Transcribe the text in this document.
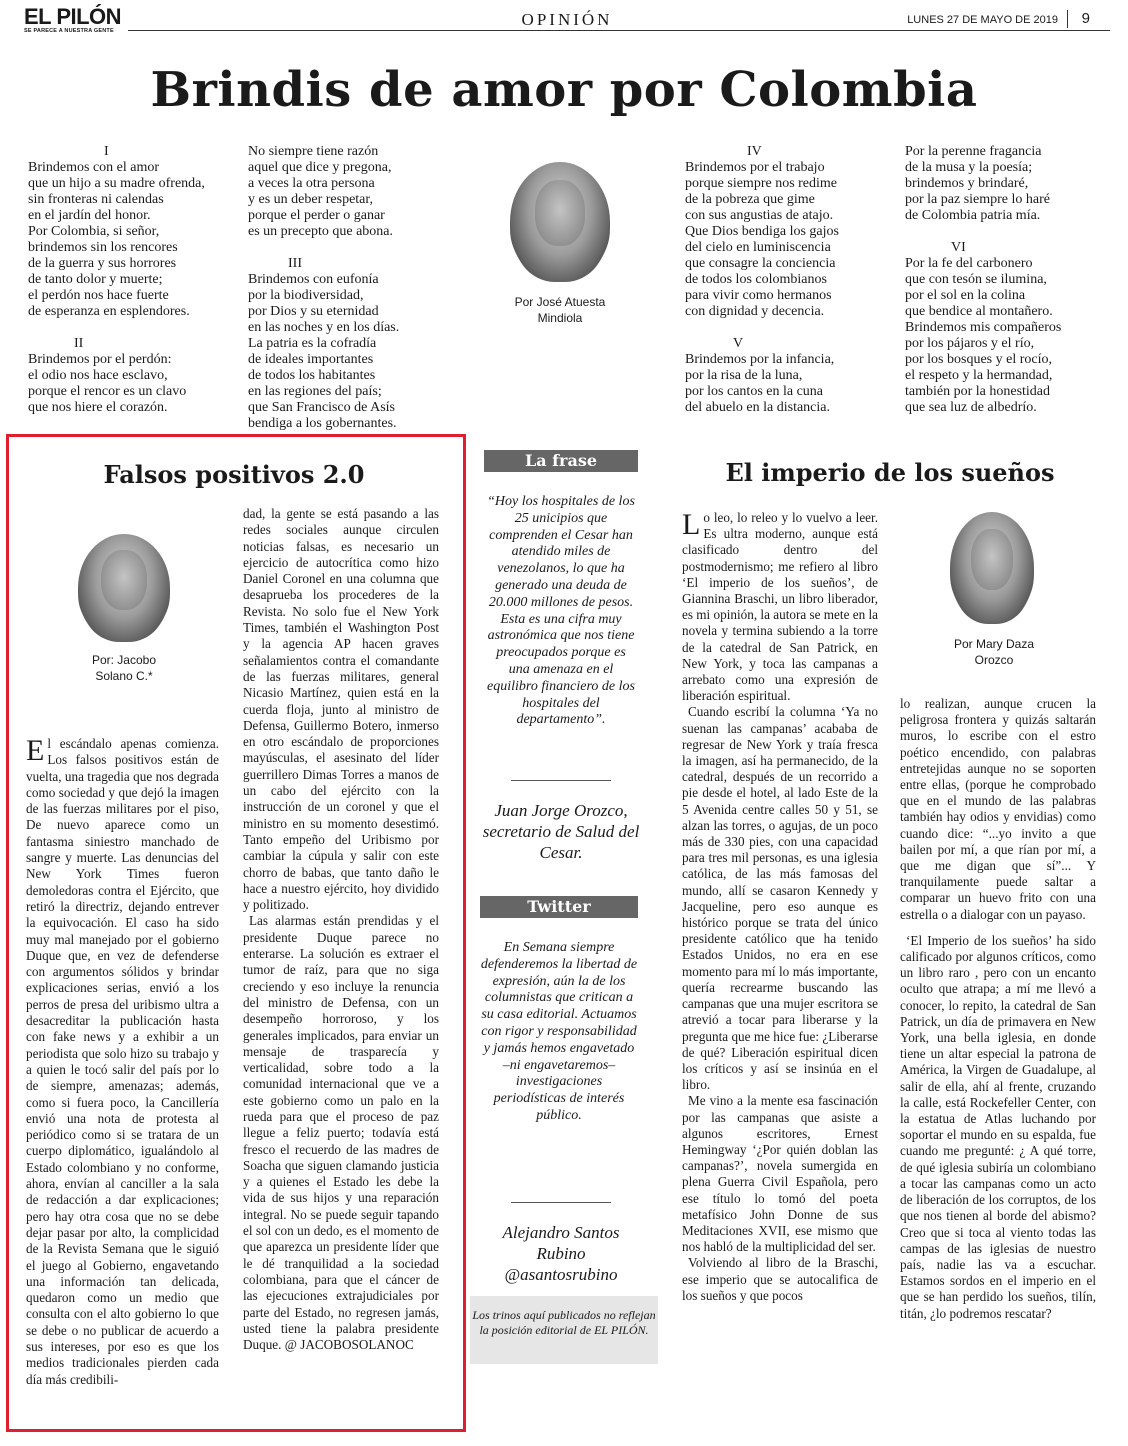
EL PILÓN
SE PARECE A NUESTRA GENTE
OPINIÓN	LUNES 27 DE MAYO DE 2019 9
Brindis de amor por Colombia
I
Brindemos con el amor
que un hijo a su madre ofrenda,
sin fronteras ni calendas
en el jardín del honor.
Por Colombia, si señor,
brindemos sin los rencores
de la guerra y sus horrores
de tanto dolor y muerte;
el perdón nos hace fuerte
de esperanza en esplendores.
II
Brindemos por el perdón:
el odio nos hace esclavo,
porque el rencor es un clavo
que nos hiere el corazón.
No siempre tiene razón
aquel que dice y pregona,
a veces la otra persona
y es un deber respetar,
porque el perder o ganar
es un precepto que abona.
III
Brindemos con eufonía
por la biodiversidad,
por Dios y su eternidad
en las noches y en los días.
La patria es la cofradía
de ideales importantes
de todos los habitantes
en las regiones del país;
que San Francisco de Asís
bendiga a los gobernantes.
Por José Atuesta
Mindiola
IV
Brindemos por el trabajo
porque siempre nos redime
de la pobreza que gime
con sus angustias de atajo.
Que Dios bendiga los gajos
del cielo en luminiscencia
que consagre la conciencia
de todos los colombianos
para vivir como hermanos
con dignidad y decencia.
V
Brindemos por la infancia,
por la risa de la luna,
por los cantos en la cuna
del abuelo en la distancia.
Por la perenne fragancia
de la musa y la poesía;
brindemos y brindaré,
por la paz siempre lo haré
de Colombia patria mía.
VI
Por la fe del carbonero
que con tesón se ilumina,
por el sol en la colina
que bendice al montañero.
Brindemos mis compañeros
por los pájaros y el río,
por los bosques y el rocío,
el respeto y la hermandad,
también por la honestidad
que sea luz de albedrío.
Falsos positivos 2.0
Por: Jacobo
Solano C.*

El escándalo apenas comienza. Los falsos positivos están de vuelta, una tragedia que nos degrada como sociedad y que dejó la imagen de las fuerzas militares por el piso, De nuevo aparece como un fantasma siniestro manchado de sangre y muerte. Las denuncias del New York Times fueron demoledoras contra el Ejército, que retiró la directriz, dejando entrever la equivocación. El caso ha sido muy mal manejado por el gobierno Duque que, en vez de defenderse con argumentos sólidos y brindar explicaciones serias, envió a los perros de presa del uribismo ultra a desacreditar la publicación hasta con fake news y a exhibir a un periodista que solo hizo su trabajo y a quien le tocó salir del país por lo de siempre, amenazas; además, como si fuera poco, la Cancillería envió una nota de protesta al periódico como si se tratara de un cuerpo diplomático, igualándolo al Estado colombiano y no conforme, ahora, envían al canciller a la sala de redacción a dar explicaciones; pero hay otra cosa que no se debe dejar pasar por alto, la complicidad de la Revista Semana que le siguió el juego al Gobierno, engavetando una información tan delicada, quedaron como un medio que consulta con el alto gobierno lo que se debe o no publicar de acuerdo a sus intereses, por eso es que los medios tradicionales pierden cada día más credibili-

dad, la gente se está pasando a las redes sociales aunque circulen noticias falsas, es necesario un ejercicio de autocrítica como hizo Daniel Coronel en una columna que desaprueba los procederes de la Revista. No solo fue el New York Times, también el Washington Post y la agencia AP hacen graves señalamientos contra el comandante de las fuerzas militares, general Nicasio Martínez, quien está en la cuerda floja, junto al ministro de Defensa, Guillermo Botero, inmerso en otro escándalo de proporciones mayúsculas, el asesinato del líder guerrillero Dimas Torres a manos de un cabo del ejército con la instrucción de un coronel y que el ministro en su momento desestimó. Tanto empeño del Uribismo por cambiar la cúpula y salir con este chorro de babas, que tanto daño le hace a nuestro ejército, hoy dividido y politizado.

Las alarmas están prendidas y el presidente Duque parece no enterarse. La solución es extraer el tumor de raíz, para que no siga creciendo y eso incluye la renuncia del ministro de Defensa, con un desempeño horroroso, y los generales implicados, para enviar un mensaje de trasparecía y verticalidad, sobre todo a la comunidad internacional que ve a este gobierno como un palo en la rueda para que el proceso de paz llegue a feliz puerto; todavía está fresco el recuerdo de las madres de Soacha que siguen clamando justicia y a quienes el Estado les debe la vida de sus hijos y una reparación integral. No se puede seguir tapando el sol con un dedo, es el momento de que aparezca un presidente líder que le dé tranquilidad a la sociedad colombiana, para que el cáncer de las ejecuciones extrajudiciales por parte del Estado, no regresen jamás, usted tiene la palabra presidente Duque. @ JACOBOSOLANOC

La frase
“Hoy los hospitales de los 25 unicipios que comprenden el Cesar han atendido miles de venezolanos, lo que ha generado una deuda de 20.000 millones de pesos. Esta es una cifra muy astronómica que nos tiene preocupados porque es una amenaza en el equilibro financiero de los hospitales del departamento”.
Juan Jorge Orozco, secretario de Salud del Cesar.
Twitter
En Semana siempre defenderemos la libertad de expresión, aún la de los columnistas que critican a su casa editorial. Actuamos con rigor y responsabilidad y jamás hemos engavetado –ni engavetaremos– investigaciones periodísticas de interés público.
Alejandro Santos Rubino @asantosrubino
Los trinos aquí publicados no reflejan la posición editorial de EL PILÓN.
El imperio de los sueños
Por Mary Daza
Orozco

Lo leo, lo releo y lo vuelvo a leer. Es ultra moderno, aunque está clasificado dentro del postmodernismo; me refiero al libro ‘El imperio de los sueños’, de Giannina Braschi, un libro liberador, es mi opinión, la autora se mete en la novela y termina subiendo a la torre de la catedral de San Patrick, en New York, y toca las campanas a arrebato como una expresión de liberación espiritual.

Cuando escribí la columna ‘Ya no suenan las campanas’ acababa de regresar de New York y traía fresca la imagen, así ha permanecido, de la catedral, después de un recorrido a pie desde el hotel, al lado Este de la 5 Avenida centre calles 50 y 51, se alzan las torres, o agujas, de un poco más de 330 pies, con una capacidad para tres mil personas, es una iglesia católica, de las más famosas del mundo, allí se casaron Kennedy y Jacqueline, pero eso aunque es histórico porque se trata del único presidente católico que ha tenido Estados Unidos, no era en ese momento para mí lo más importante, quería recrearme buscando las campanas que una mujer escritora se atrevió a tocar para liberarse y la pregunta que me hice fue: ¿Liberarse de qué? Liberación espiritual dicen los críticos y así se insinúa en el libro.

Me vino a la mente esa fascinación por las campanas que asiste a algunos escritores, Ernest Hemingway ‘¿Por quién doblan las campanas?’, novela sumergida en plena Guerra Civil Española, pero ese título lo tomó del poeta metafísico John Donne de sus Meditaciones XVII, ese mismo que nos habló de la multiplicidad del ser.

Volviendo al libro de la Braschi, ese imperio que se autocalifica de los sueños y que pocos

lo realizan, aunque crucen la peligrosa frontera y quizás saltarán muros, lo escribe con el estro poético encendido, con palabras entretejidas aunque no se soporten entre ellas, (porque he comprobado que en el mundo de las palabras también hay odios y envidias) como cuando dice: “...yo invito a que bailen por mí, a que rían por mí, a que me digan que sí”... Y tranquilamente puede saltar a comparar un huevo frito con una estrella o a dialogar con un payaso.

‘El Imperio de los sueños’ ha sido calificado por algunos críticos, como un libro raro , pero con un encanto oculto que atrapa; a mí me llevó a conocer, lo repito, la catedral de San Patrick, un día de primavera en New York, una bella iglesia, en donde tiene un altar especial la patrona de América, la Virgen de Guadalupe, al salir de ella, ahí al frente, cruzando la calle, está Rockefeller Center, con la estatua de Atlas luchando por soportar el mundo en su espalda, fue cuando me pregunté: ¿ A qué torre, de qué iglesia subiría un colombiano a tocar las campanas como un acto de liberación de los corruptos, de los que nos tienen al borde del abismo? Creo que si toca al viento todas las campas de las iglesias de nuestro país, nadie las va a escuchar. Estamos sordos en el imperio en el que se han perdido los sueños, tilín, titán, ¿lo podremos rescatar?
